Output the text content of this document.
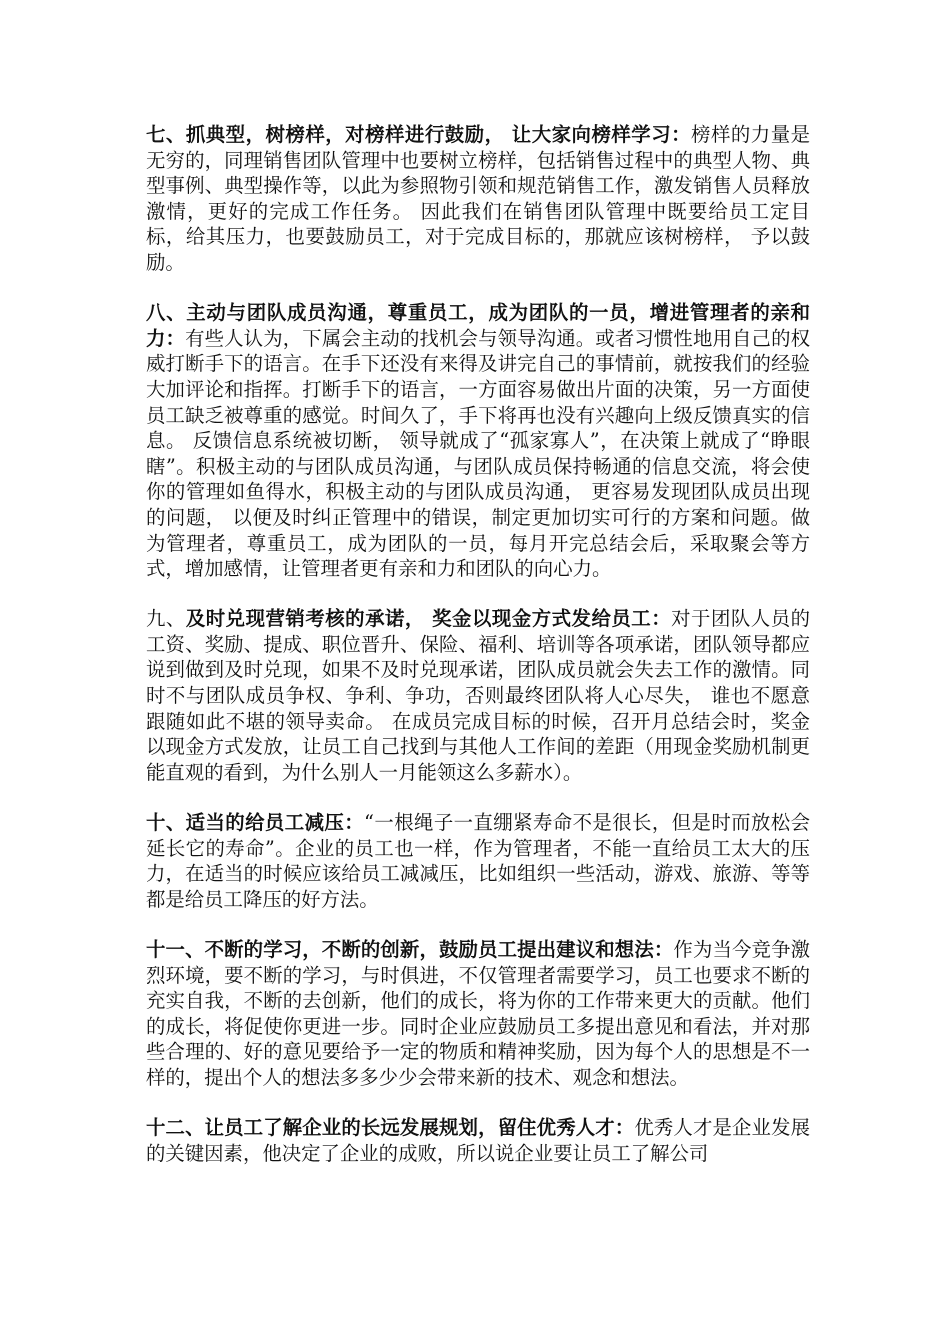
七、抓典型，树榜样，对榜样进行鼓励， 让大家向榜样学习：榜样的力量是无穷的，同理销售团队管理中也要树立榜样，包括销售过程中的典型人物、典型事例、典型操作等，以此为参照物引领和规范销售工作，激发销售人员释放激情，更好的完成工作任务。 因此我们在销售团队管理中既要给员工定目标，给其压力，也要鼓励员工，对于完成目标的，那就应该树榜样， 予以鼓励。

八、主动与团队成员沟通，尊重员工，成为团队的一员，增进管理者的亲和力：有些人认为，下属会主动的找机会与领导沟通。或者习惯性地用自己的权威打断手下的语言。在手下还没有来得及讲完自己的事情前，就按我们的经验大加评论和指挥。打断手下的语言，一方面容易做出片面的决策，另一方面使员工缺乏被尊重的感觉。时间久了，手下将再也没有兴趣向上级反馈真实的信息。 反馈信息系统被切断， 领导就成了“孤家寡人”，在决策上就成了“睁眼瞎”。积极主动的与团队成员沟通，与团队成员保持畅通的信息交流，将会使你的管理如鱼得水，积极主动的与团队成员沟通， 更容易发现团队成员出现的问题， 以便及时纠正管理中的错误，制定更加切实可行的方案和问题。做为管理者，尊重员工，成为团队的一员，每月开完总结会后，采取聚会等方式，增加感情，让管理者更有亲和力和团队的向心力。

九、及时兑现营销考核的承诺， 奖金以现金方式发给员工：对于团队人员的工资、奖励、提成、职位晋升、保险、福利、培训等各项承诺，团队领导都应说到做到及时兑现，如果不及时兑现承诺，团队成员就会失去工作的激情。同时不与团队成员争权、争利、争功，否则最终团队将人心尽失， 谁也不愿意跟随如此不堪的领导卖命。 在成员完成目标的时候，召开月总结会时，奖金以现金方式发放，让员工自己找到与其他人工作间的差距（用现金奖励机制更能直观的看到，为什么别人一月能领这么多薪水）。

十、适当的给员工减压：“一根绳子一直绷紧寿命不是很长，但是时而放松会延长它的寿命”。企业的员工也一样，作为管理者，不能一直给员工太大的压力，在适当的时候应该给员工减减压，比如组织一些活动，游戏、旅游、等等都是给员工降压的好方法。

十一、不断的学习，不断的创新，鼓励员工提出建议和想法：作为当今竞争激烈环境，要不断的学习，与时俱进，不仅管理者需要学习，员工也要求不断的充实自我，不断的去创新，他们的成长，将为你的工作带来更大的贡献。他们的成长，将促使你更进一步。同时企业应鼓励员工多提出意见和看法，并对那些合理的、好的意见要给予一定的物质和精神奖励，因为每个人的思想是不一样的，提出个人的想法多多少少会带来新的技术、观念和想法。

十二、让员工了解企业的长远发展规划，留住优秀人才：优秀人才是企业发展的关键因素，他决定了企业的成败，所以说企业要让员工了解公司
